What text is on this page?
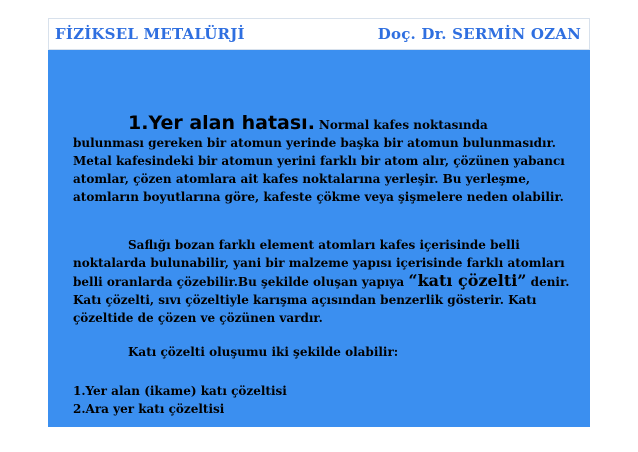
FİZİKSEL METALÜRJİ	Doç. Dr. SERMİN OZAN
1.Yer alan hatası. Normal kafes noktasında
bulunması gereken bir atomun yerinde başka bir atomun bulunmasıdır. Metal kafesindeki bir atomun yerini farklı bir atom alır, çözünen yabancı atomlar, çözen atomlara ait kafes noktalarına yerleşir. Bu yerleşme, atomların boyutlarına göre, kafeste çökme veya şişmelere neden olabilir.
Saflığı bozan farklı element atomları kafes içerisinde belli noktalarda bulunabilir, yani bir malzeme yapısı içerisinde farklı atomları belli oranlarda çözebilir.Bu şekilde oluşan yapıya “katı çözelti” denir. Katı çözelti, sıvı çözeltiyle karışma açısından benzerlik gösterir. Katı çözeltide de çözen ve çözünen vardır.
Katı çözelti oluşumu iki şekilde olabilir:
1.Yer alan (ikame) katı çözeltisi
2.Ara yer katı çözeltisi
